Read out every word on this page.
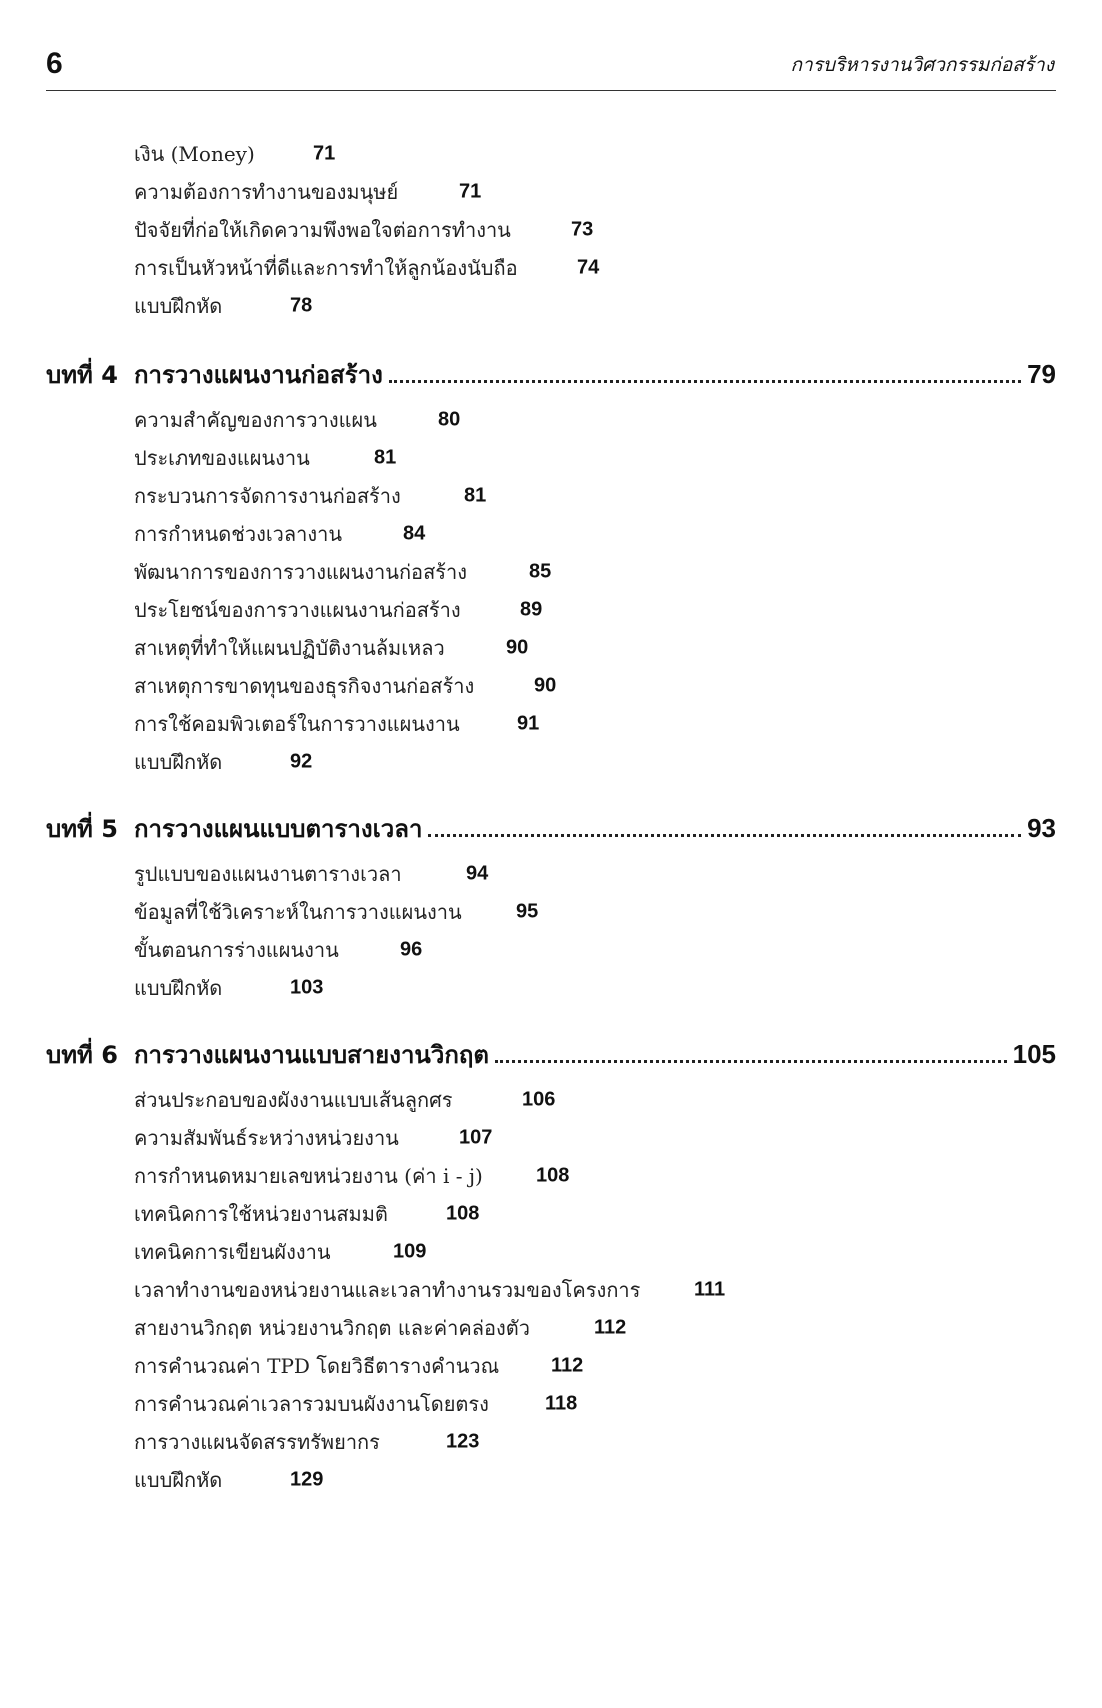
6	การบริหารงานวิศวกรรมก่อสร้าง
เงิน (Money)	71
ความต้องการทำงานของมนุษย์	71
ปัจจัยที่ก่อให้เกิดความพึงพอใจต่อการทำงาน	73
การเป็นหัวหน้าที่ดีและการทำให้ลูกน้องนับถือ	74
แบบฝึกหัด	78
บทที่ 4 การวางแผนงานก่อสร้าง	79
ความสำคัญของการวางแผน	80
ประเภทของแผนงาน	81
กระบวนการจัดการงานก่อสร้าง	81
การกำหนดช่วงเวลางาน	84
พัฒนาการของการวางแผนงานก่อสร้าง	85
ประโยชน์ของการวางแผนงานก่อสร้าง	89
สาเหตุที่ทำให้แผนปฏิบัติงานล้มเหลว	90
สาเหตุการขาดทุนของธุรกิจงานก่อสร้าง	90
การใช้คอมพิวเตอร์ในการวางแผนงาน	91
แบบฝึกหัด	92
บทที่ 5 การวางแผนแบบตารางเวลา	93
รูปแบบของแผนงานตารางเวลา	94
ข้อมูลที่ใช้วิเคราะห์ในการวางแผนงาน	95
ขั้นตอนการร่างแผนงาน	96
แบบฝึกหัด	103
บทที่ 6 การวางแผนงานแบบสายงานวิกฤต	105
ส่วนประกอบของผังงานแบบเส้นลูกศร	106
ความสัมพันธ์ระหว่างหน่วยงาน	107
การกำหนดหมายเลขหน่วยงาน (ค่า i - j)	108
เทคนิคการใช้หน่วยงานสมมติ	108
เทคนิคการเขียนผังงาน	109
เวลาทำงานของหน่วยงานและเวลาทำงานรวมของโครงการ	111
สายงานวิกฤต หน่วยงานวิกฤต และค่าคล่องตัว	112
การคำนวณค่า TPD โดยวิธีตารางคำนวณ	112
การคำนวณค่าเวลารวมบนผังงานโดยตรง	118
การวางแผนจัดสรรทรัพยากร	123
แบบฝึกหัด	129
